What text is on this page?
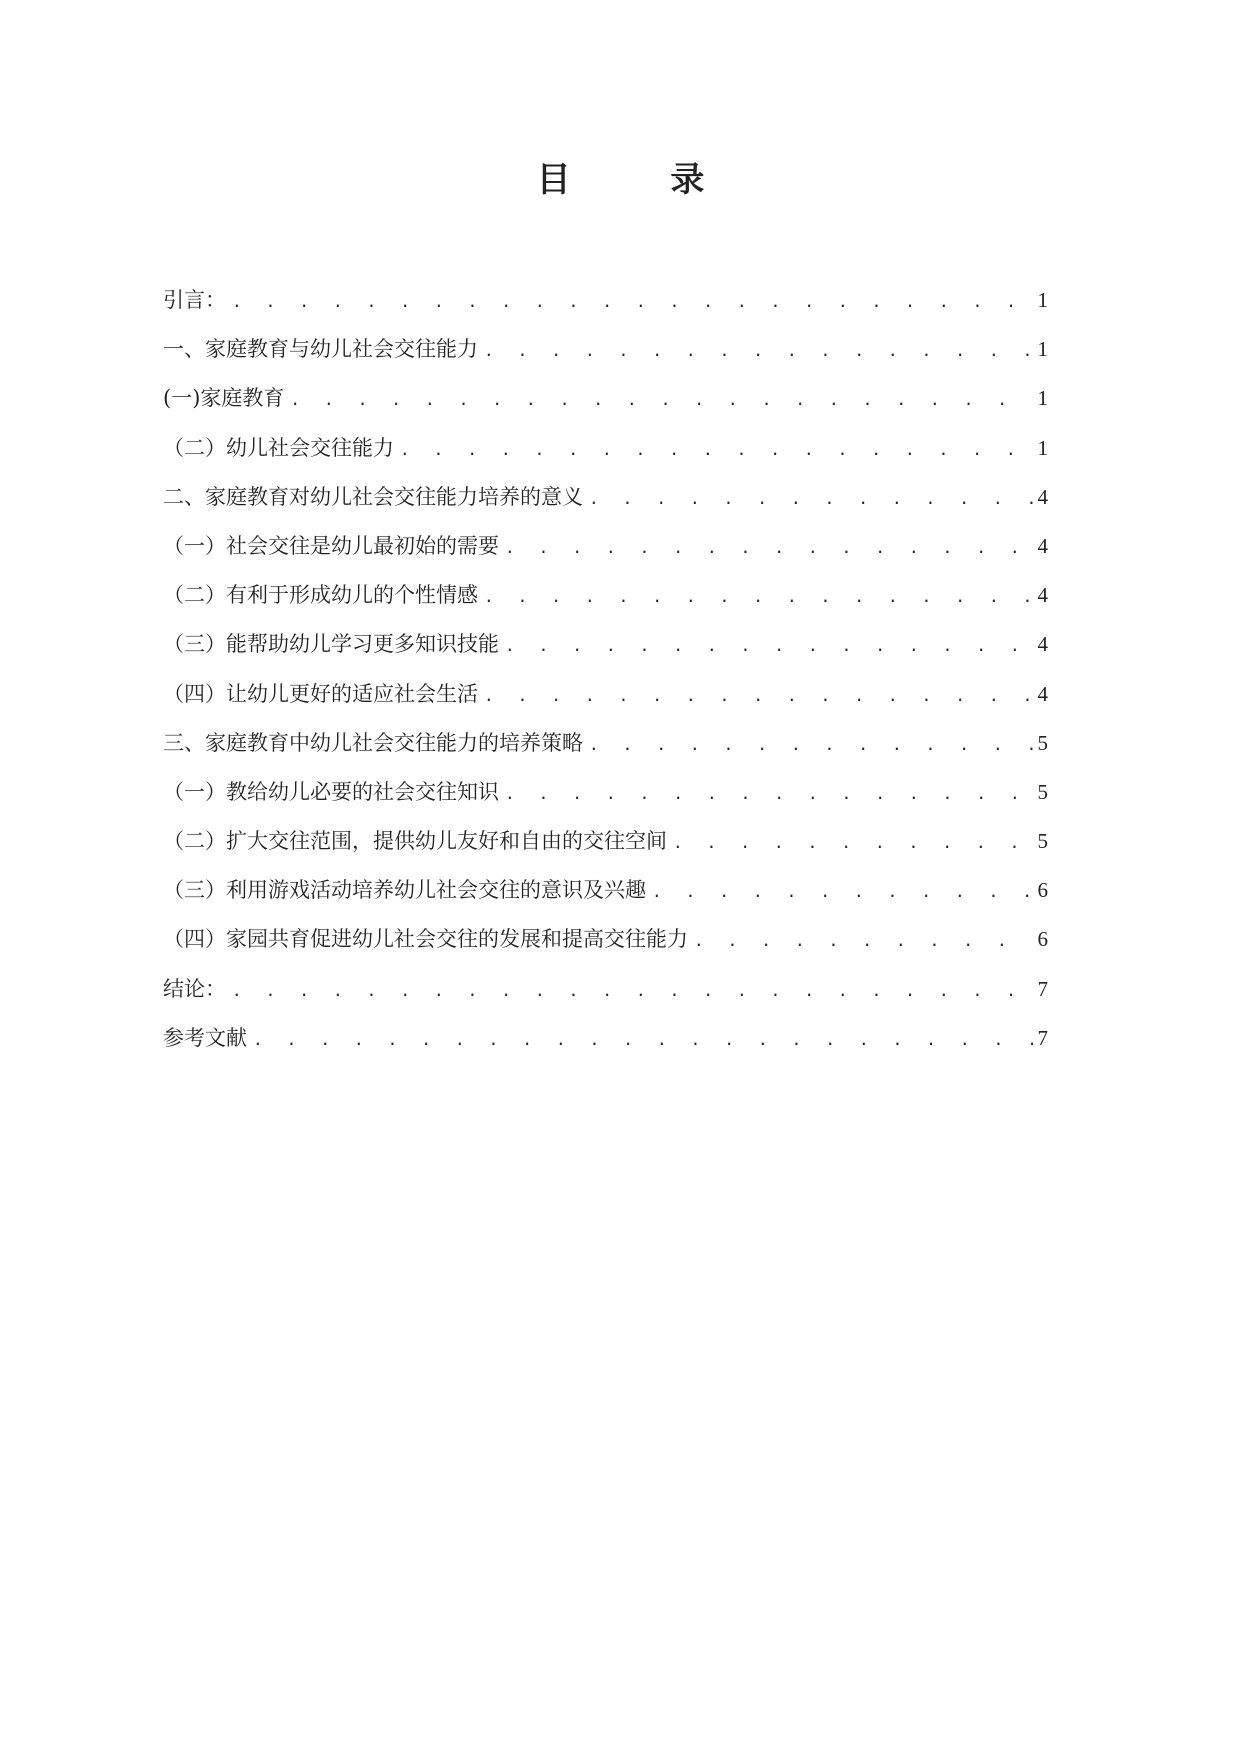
目 录
引言： . . .	1
一、家庭教育与幼儿社会交往能力 . . .	1
(一)家庭教育 . . .	1
（二）幼儿社会交往能力 . . .	1
二、家庭教育对幼儿社会交往能力培养的意义 . . .	4
（一）社会交往是幼儿最初始的需要 . . .	4
（二）有利于形成幼儿的个性情感 . . .	4
（三）能帮助幼儿学习更多知识技能 . . .	4
（四）让幼儿更好的适应社会生活 . . .	4
三、家庭教育中幼儿社会交往能力的培养策略 . . .	5
（一）教给幼儿必要的社会交往知识 . . .	5
（二）扩大交往范围，提供幼儿友好和自由的交往空间 . . .	5
（三）利用游戏活动培养幼儿社会交往的意识及兴趣 . . .	6
（四）家园共育促进幼儿社会交往的发展和提高交往能力 . . .	6
结论： . . .	7
参考文献 . . .	7
